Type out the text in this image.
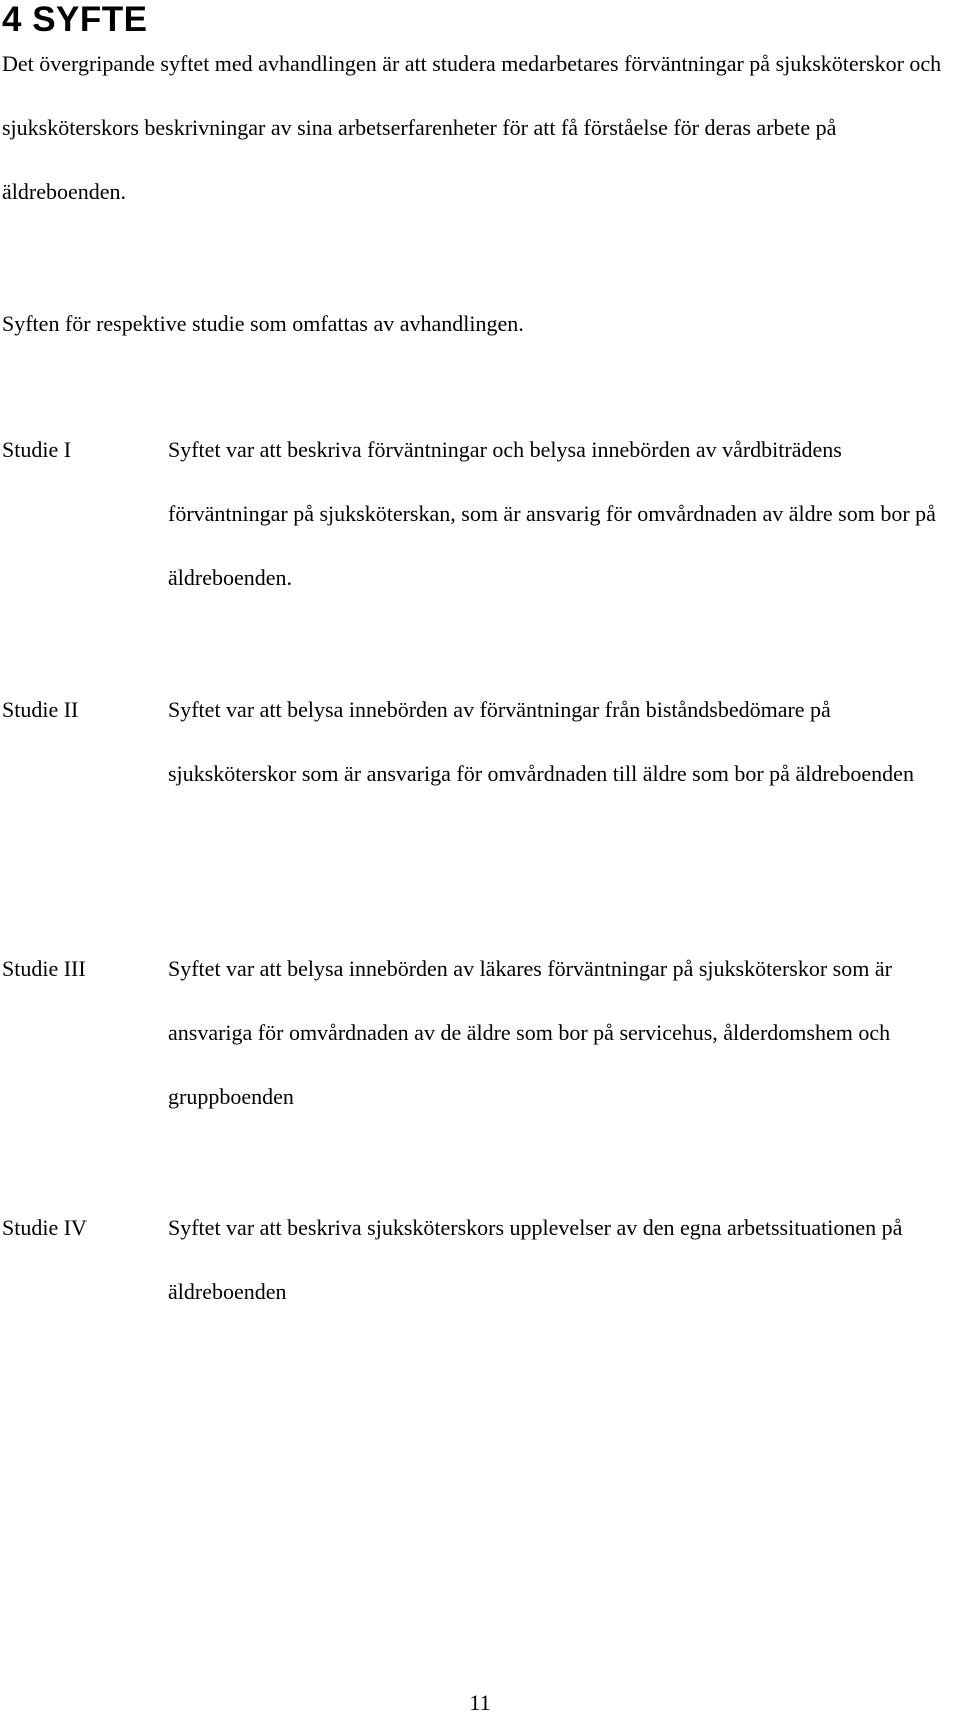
4 SYFTE

Det övergripande syftet med avhandlingen är att studera medarbetares förväntningar på sjuksköterskor och sjuksköterskors beskrivningar av sina arbetserfarenheter för att få förståelse för deras arbete på äldreboenden.

Syften för respektive studie som omfattas av avhandlingen.

Studie I	Syftet var att beskriva förväntningar och belysa innebörden av vårdbiträdens förväntningar på sjuksköterskan, som är ansvarig för omvårdnaden av äldre som bor på äldreboenden.

Studie II	Syftet var att belysa innebörden av förväntningar från biståndsbedömare på sjuksköterskor som är ansvariga för omvårdnaden till äldre som bor på äldreboenden

Studie III	Syftet var att belysa innebörden av läkares förväntningar på sjuksköterskor som är ansvariga för omvårdnaden av de äldre som bor på servicehus, ålderdomshem och gruppboenden

Studie IV	Syftet var att beskriva sjuksköterskors upplevelser av den egna arbetssituationen på äldreboenden

11
